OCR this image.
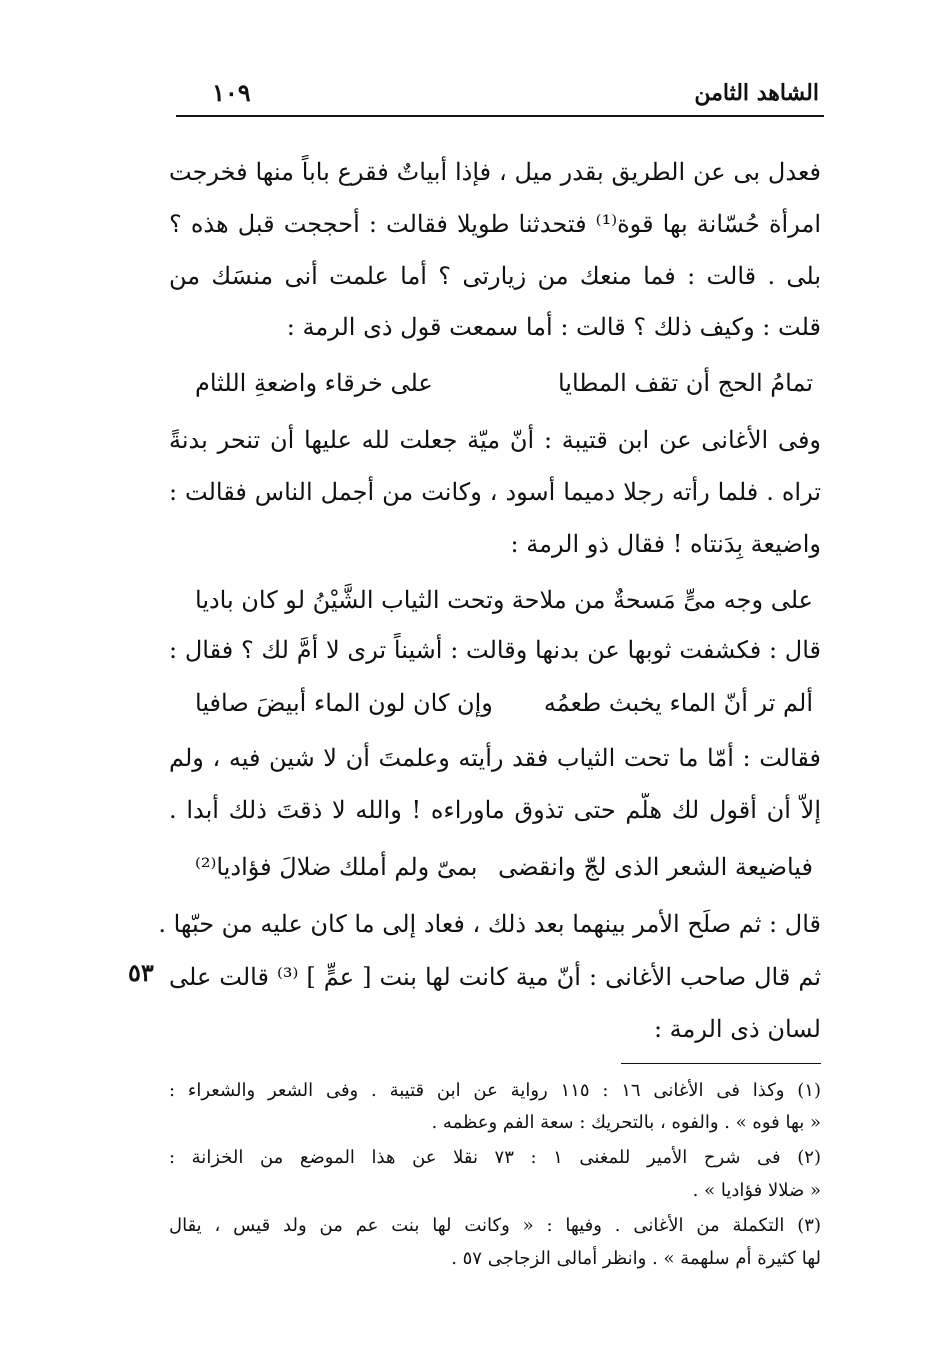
الشاهد الثامن
١٠٩
فعدل بى عن الطريق بقدر ميل ، فإذا أبياتٌ فقرع باباً منها فخرجت
امرأة حُسّانة بها قوة⁽¹⁾ فتحدثنا طويلا فقالت : أحججت قبل هذه ؟
بلى . قالت : فما منعك من زيارتى ؟ أما علمت أنى منسَك من
قلت : وكيف ذلك ؟ قالت : أما سمعت قول ذى الرمة :
تمامُ الحج أن تقف المطايا
على خرقاء واضعةِ اللثام
وفى الأغانى عن ابن قتيبة : أنّ ميّة جعلت لله عليها أن تنحر بدنةً
تراه . فلما رأته رجلا دميما أسود ، وكانت من أجمل الناس فقالت :
واضيعة بِدَنتاه ! فقال ذو الرمة :
على وجه مىٍّ مَسحةٌ من ملاحة
وتحت الثياب الشَّيْنُ لو كان باديا
قال : فكشفت ثوبها عن بدنها وقالت : أشيناً ترى لا أمَّ لك ؟ فقال :
ألم تر أنّ الماء يخبث طعمُه
وإن كان لون الماء أبيضَ صافيا
فقالت : أمّا ما تحت الثياب فقد رأيته وعلمتَ أن لا شين فيه ، ولم
إلاّ أن أقول لك هلّم حتى تذوق ماوراءه ! والله لا ذقتَ ذلك أبدا .
فياضيعة الشعر الذى لجّ وانقضى
بمىّ ولم أملك ضلالَ فؤاديا⁽²⁾
قال : ثم صلَح الأمر بينهما بعد ذلك ، فعاد إلى ما كان عليه من حبّها .
ثم قال صاحب الأغانى : أنّ مية كانت لها بنت [ عمٍّ ] ⁽³⁾ قالت على
لسان ذى الرمة :
٥٣
(١) وكذا فى الأغانى ١٦ : ١١٥ رواية عن ابن قتيبة . وفى الشعر والشعراء :
« بها فوه » . والفوه ، بالتحريك : سعة الفم وعظمه .
(٢) فى شرح الأمير للمغنى ١ : ٧٣ نقلا عن هذا الموضع من الخزانة :
« ضلالا فؤاديا » .
(٣) التكملة من الأغانى . وفيها : « وكانت لها بنت عم من ولد قيس ، يقال
لها كثيرة أم سلهمة » . وانظر أمالى الزجاجى ٥٧ .
